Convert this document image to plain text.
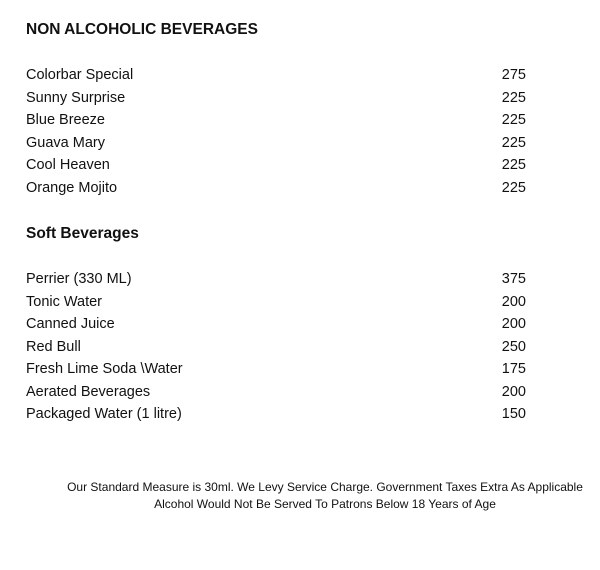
NON ALCOHOLIC BEVERAGES
Colorbar Special	275
Sunny Surprise	225
Blue Breeze	225
Guava Mary	225
Cool Heaven	225
Orange Mojito	225
Soft Beverages
Perrier (330 ML)	375
Tonic Water	200
Canned Juice	200
Red Bull	250
Fresh Lime Soda \Water	175
Aerated Beverages	200
Packaged Water (1 litre)	150
Our Standard Measure is 30ml. We Levy Service Charge. Government Taxes Extra As Applicable
Alcohol Would Not Be Served To Patrons Below 18 Years of Age
